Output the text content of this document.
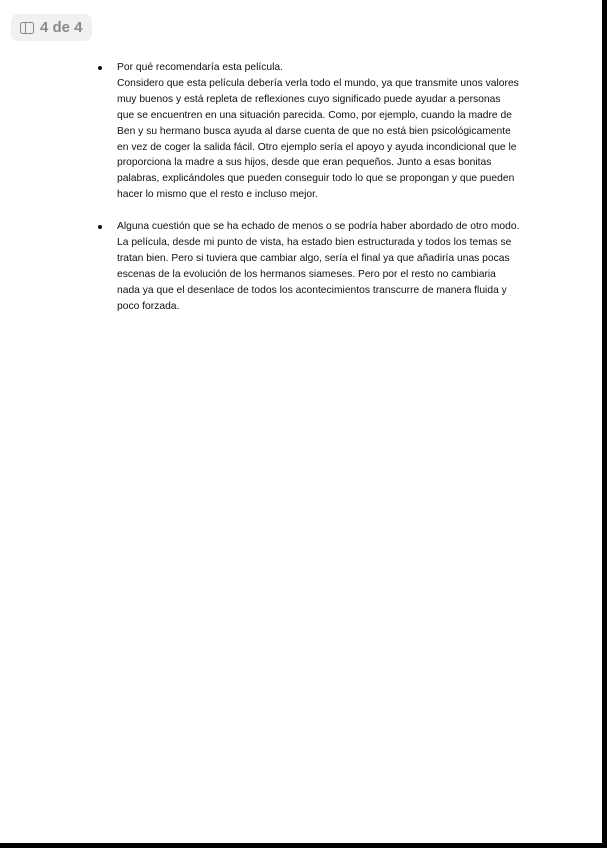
4 de 4

Por qué recomendaría esta película.

Considero que esta película debería verla todo el mundo, ya que transmite unos valores muy buenos y está repleta de reflexiones cuyo significado puede ayudar a personas que se encuentren en una situación parecida. Como, por ejemplo, cuando la madre de Ben y su hermano busca ayuda al darse cuenta de que no está bien psicológicamente en vez de coger la salida fácil. Otro ejemplo sería el apoyo y ayuda incondicional que le proporciona la madre a sus hijos, desde que eran pequeños. Junto a esas bonitas palabras, explicándoles que pueden conseguir todo lo que se propongan y que pueden hacer lo mismo que el resto e incluso mejor.

Alguna cuestión que se ha echado de menos o se podría haber abordado de otro modo.

La película, desde mi punto de vista, ha estado bien estructurada y todos los temas se tratan bien. Pero si tuviera que cambiar algo, sería el final ya que añadiría unas pocas escenas de la evolución de los hermanos siameses. Pero por el resto no cambiaria nada ya que el desenlace de todos los acontecimientos transcurre de manera fluida y poco forzada.
